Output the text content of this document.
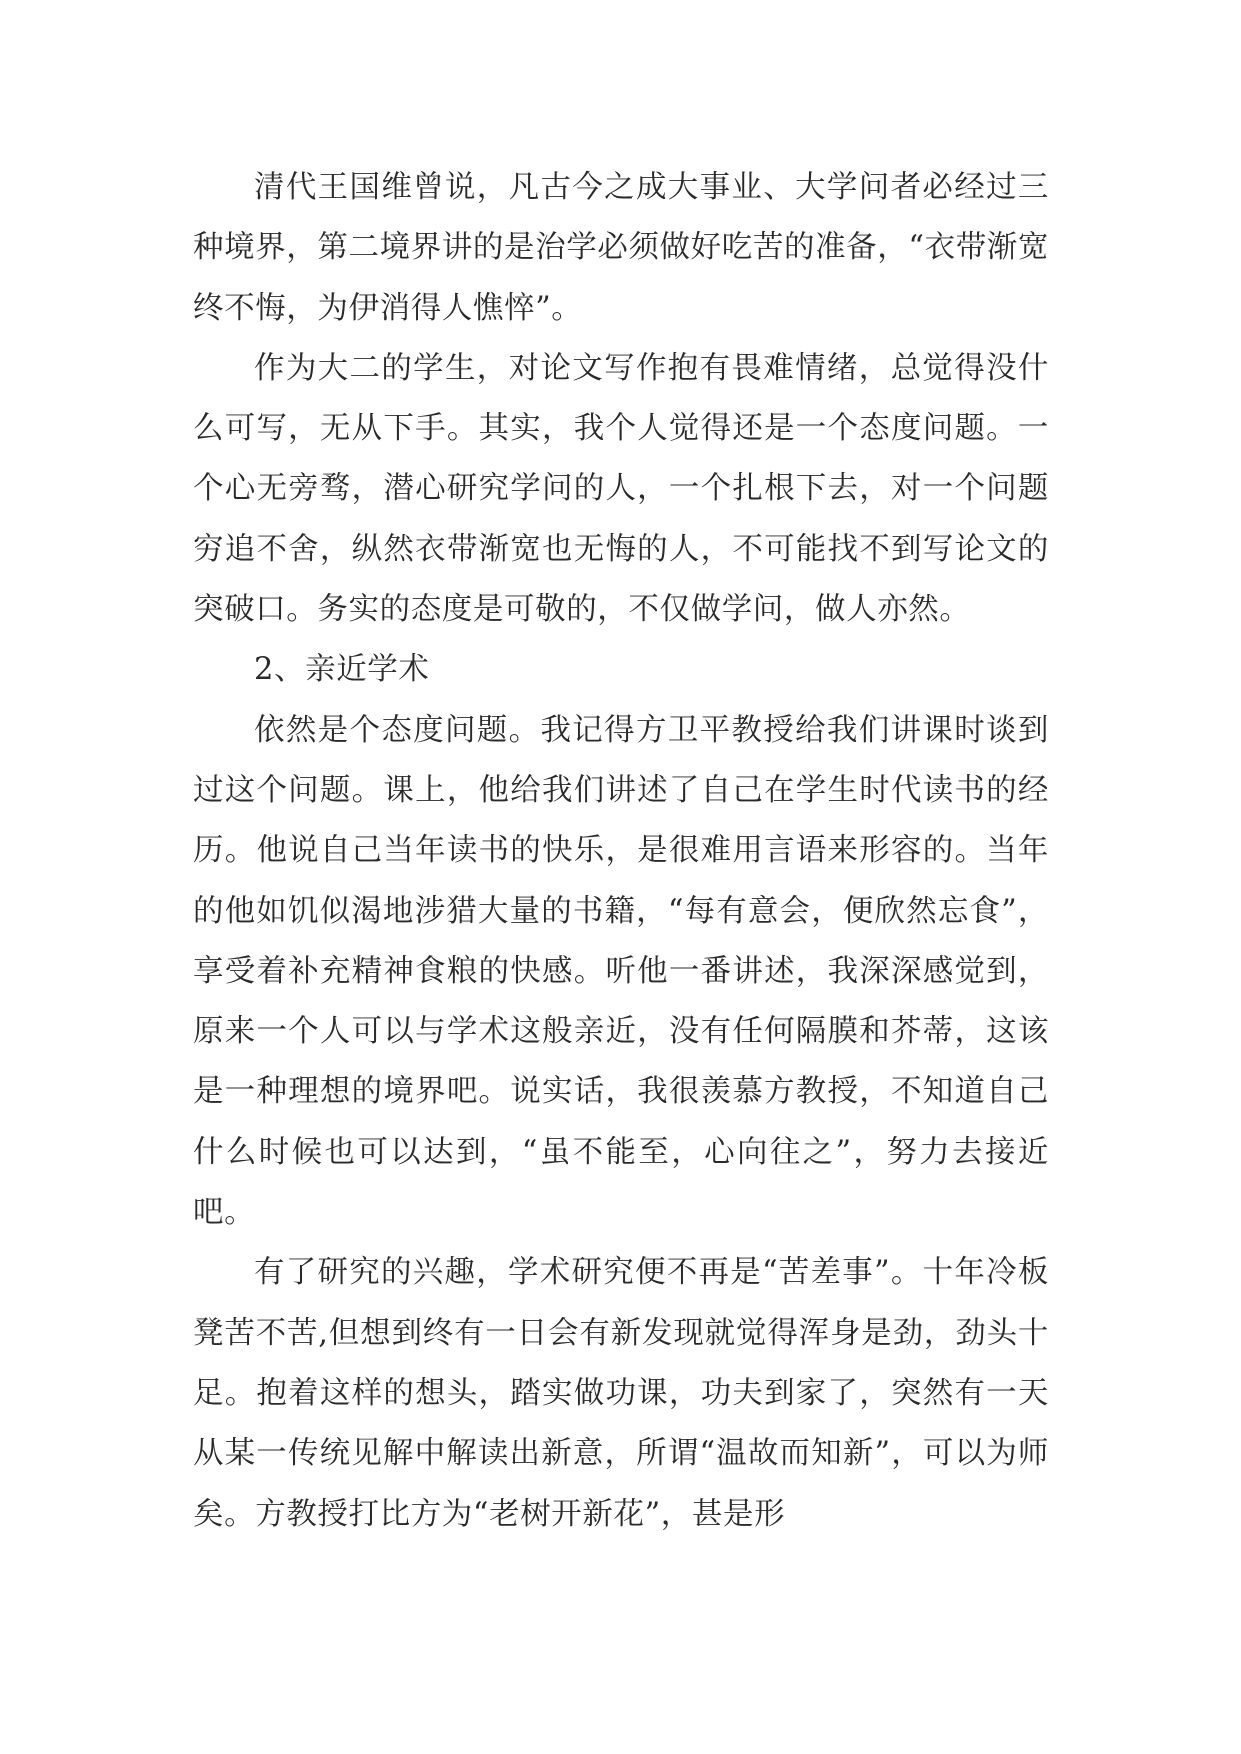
清代王国维曾说，凡古今之成大事业、大学问者必经过三种境界，第二境界讲的是治学必须做好吃苦的准备，“衣带渐宽终不悔，为伊消得人憔悴”。

作为大二的学生，对论文写作抱有畏难情绪，总觉得没什么可写，无从下手。其实，我个人觉得还是一个态度问题。一个心无旁骛，潜心研究学问的人，一个扎根下去，对一个问题穷追不舍，纵然衣带渐宽也无悔的人，不可能找不到写论文的突破口。务实的态度是可敬的，不仅做学问，做人亦然。

2、亲近学术

依然是个态度问题。我记得方卫平教授给我们讲课时谈到过这个问题。课上，他给我们讲述了自己在学生时代读书的经历。他说自己当年读书的快乐，是很难用言语来形容的。当年的他如饥似渴地涉猎大量的书籍，“每有意会，便欣然忘食”，享受着补充精神食粮的快感。听他一番讲述，我深深感觉到，原来一个人可以与学术这般亲近，没有任何隔膜和芥蒂，这该是一种理想的境界吧。说实话，我很羡慕方教授，不知道自己什么时候也可以达到，“虽不能至，心向往之”，努力去接近吧。

有了研究的兴趣，学术研究便不再是“苦差事”。十年冷板凳苦不苦,但想到终有一日会有新发现就觉得浑身是劲，劲头十足。抱着这样的想头，踏实做功课，功夫到家了，突然有一天从某一传统见解中解读出新意，所谓“温故而知新”，可以为师矣。方教授打比方为“老树开新花”，甚是形
